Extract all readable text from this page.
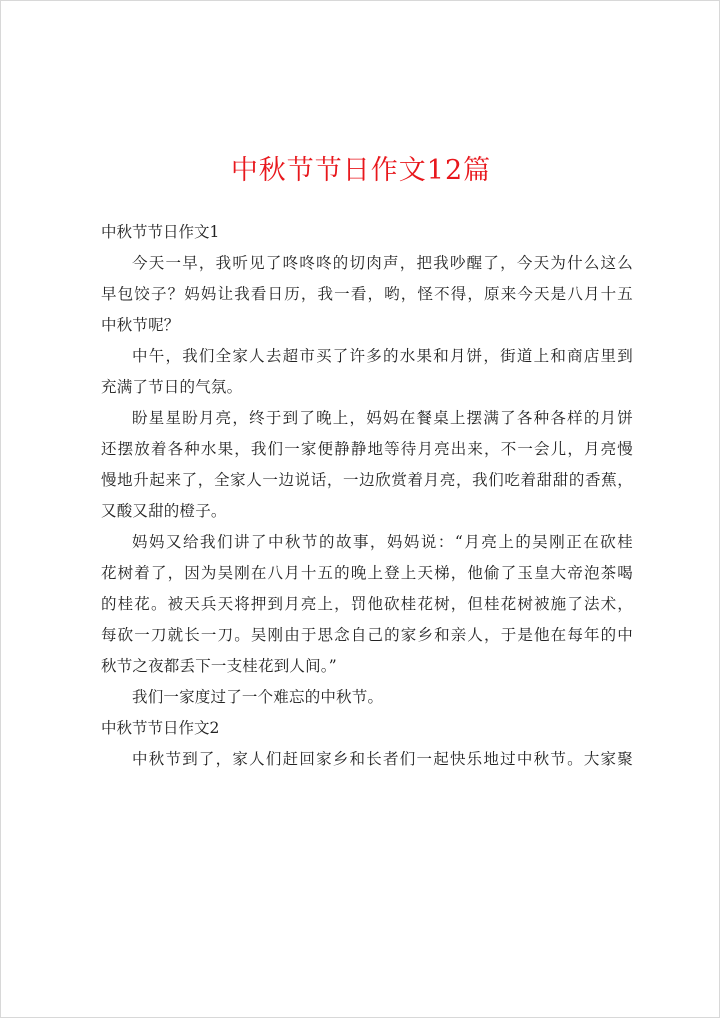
中秋节节日作文12篇
中秋节节日作文1
今天一早，我听见了咚咚咚的切肉声，把我吵醒了，今天为什么这么
早包饺子？妈妈让我看日历，我一看，哟，怪不得，原来今天是八月十五
中秋节呢？
中午，我们全家人去超市买了许多的水果和月饼，街道上和商店里到
充满了节日的气氛。
盼星星盼月亮，终于到了晚上，妈妈在餐桌上摆满了各种各样的月饼
还摆放着各种水果，我们一家便静静地等待月亮出来，不一会儿，月亮慢
慢地升起来了，全家人一边说话，一边欣赏着月亮，我们吃着甜甜的香蕉，
又酸又甜的橙子。
妈妈又给我们讲了中秋节的故事，妈妈说：“月亮上的吴刚正在砍桂
花树着了，因为吴刚在八月十五的晚上登上天梯，他偷了玉皇大帝泡茶喝
的桂花。被天兵天将押到月亮上，罚他砍桂花树，但桂花树被施了法术，
每砍一刀就长一刀。吴刚由于思念自己的家乡和亲人，于是他在每年的中
秋节之夜都丢下一支桂花到人间。”
我们一家度过了一个难忘的中秋节。
中秋节节日作文2
中秋节到了，家人们赶回家乡和长者们一起快乐地过中秋节。大家聚
